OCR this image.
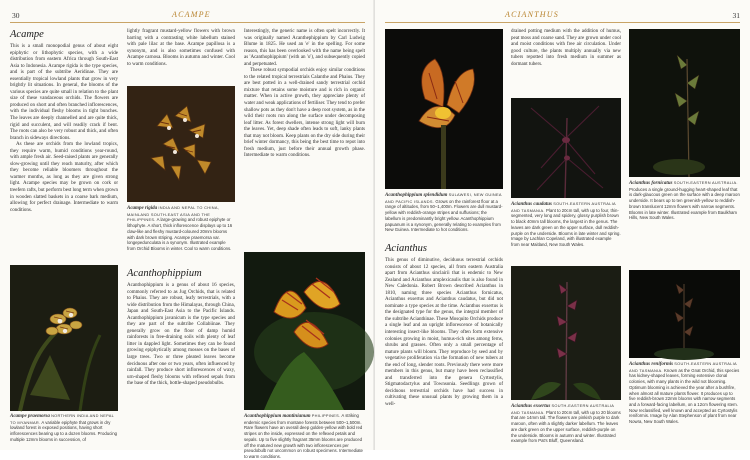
30	ACAMPE
Acampe

This is a small monopodial genus of about eight epiphytic or lithophytic species, with a wide distribution from eastern Africa through South-East Asia to Indonesia. Acampe rigida is the type species, and is part of the subtribe Aeridinae. They are essentially tropical lowland plants that grow in very brightly lit situations. In general, the blooms of the various species are quite small in relation to the plant size of these vandaceous orchids. The flowers are produced on short and often branched inflorescences, with the individual fleshy blooms in tight bunches. The leaves are deeply channelled and are quite thick, rigid and succulent, and will readily crack if bent. The roots can also be very robust and thick, and often branch in sideways directions.

As these are orchids from the lowland tropics, they require warm, humid conditions year-round, with ample fresh air. Seed-raised plants are generally slow-growing until they reach maturity, after which they become reliable bloomers throughout the warmer months, as long as they are given strong light. Acampe species may be grown on cork or treefern rafts, but perform best long term when grown in wooden slatted baskets in a coarse bark medium, allowing for perfect drainage. Intermediate to warm conditions.

Acampe praemorsa NORTHERN INDIA AND NEPAL TO MYANMAR. A variable epiphyte that grows in dry lowland forest in exposed positions, having short inflorescences bearing up to a dozen blooms. Producing multiple 12mm blooms in succession, of

lightly fragrant mustard-yellow flowers with brown barring with a contrasting white labellum stained with pale lilac at the base. Acampe papillosa is a synonym, and is also sometimes confused with Acampe carnosa. Blooms in autumn and winter. Cool to warm conditions.

Acampe rigida INDIA AND NEPAL TO CHINA, MAINLAND SOUTH-EAST ASIA AND THE PHILIPPINES. A large-growing and robust epiphyte or lithophyte. A short, thick inflorescence displays up to 16 claw-like and fleshy mustard-coloured 20mm blooms with dark brown striping. Acampe praemorsa var. longepedunculata is a synonym. Illustrated example from Orchid Blooms in winter. Cool to warm conditions.
Acanthophippium

Acanthophippium is a genus of about 16 species, commonly referred to as Jug Orchids, that is related to Phaius. They are robust, leafy terrestrials, with a wide distribution from the Himalayas, through China, Japan and South-East Asia to the Pacific Islands. Acanthophippium javanicum is the type species and they are part of the subtribe Collabiinae. They generally grow on the floor of damp humid rainforests in free-draining soils with plenty of leaf litter in dappled light. Sometimes they can be found growing epiphytically among mosses on the bases of large trees. Two or three pleated leaves become deciduous after one or two years, often influenced by rainfall. They produce short inflorescences of waxy, urn-shaped fleshy blooms with reflexed sepals from the base of the thick, bottle-shaped pseudobulbs.

Interestingly, the generic name is often spelt incorrectly. It was originally named Acanthephippium by Carl Ludwig Blume in 1825. He used an 'e' in the spelling. For some reason, this has been overlooked with the name being spelt as 'Acanthophippium' (with an 'o'), and subsequently copied and perpetuated.

These robust sympodial orchids enjoy similar conditions to the related tropical terrestrials Calanthe and Phaius. They are best potted in a well-drained sandy terrestrial orchid mixture that retains some moisture and is rich in organic matter. When in active growth, they appreciate plenty of water and weak applications of fertiliser. They tend to prefer shallow pots as they don't have a deep root system, as in the wild their roots run along the surface under decomposing leaf litter. As forest dwellers, intense strong light will burn the leaves. Yet, deep shade often leads to soft, lanky plants that may not bloom. Keep plants on the dry side during their brief winter dormancy, this being the best time to repot into fresh medium, just before their annual growth phase. Intermediate to warm conditions.

Acanthophippium mantinianum PHILIPPINES. A striking endemic species from montane forests between 500–1,500m. Rare flowers have an overall deep golden-yellow with bold red stripes on the inside, expressed on the reflexed petals and sepals. Up to five slightly fragrant 35mm blooms are produced off the matured new growth with two inflorescences per pseudobulb not uncommon on robust specimens. Intermediate to warm conditions.
31
ACIANTHUS
Acanthophippium splendidum SULAWESI, NEW GUINEA AND PACIFIC ISLANDS. Grows on the rainforest floor at a range of altitudes, from 50–1,400m. Flowers are dull mustard-yellow with reddish-orange stripes and suffusions; the labellum is predominantly bright yellow. Acanthophippium papuanum is a synonym, generally relating to examples from New Guinea. Intermediate to hot conditions.
Acianthus

This genus of diminutive, deciduous terrestrial orchids consists of about 12 species, all from eastern Australia apart from Acianthus sinclairii that is endemic to New Zealand and Acianthus amplexicaulis that is also found in New Caledonia. Robert Brown described Acianthus in 1810, naming three species Acianthus fornicatus, Acianthus exsertus and Acianthus caudatus, but did not nominate a type species at the time. Acianthus exsertus is the designated type for the genus, the integral member of the subtribe Acianthinae. These Mosquito Orchids produce a single leaf and an upright inflorescence of botanically interesting insect-like blooms. They often form extensive colonies growing in moist, humus-rich sites among ferns, shrubs and grasses. Often only a small percentage of mature plants will bloom. They reproduce by seed and by vegetative proliferation via the formation of new tubers at the end of long, slender roots. Previously there were more members in this genus, but many have been reclassified and transferred into the genera Cyrtostylis, Stigmatodactylus and Townsonia. Seedlings grown of deciduous terrestrial orchids have had success in cultivating these unusual plants by growing them in a well-

drained potting medium with the addition of humus, peat moss and coarse sand. They are grown under cool and moist conditions with free air circulation. Under good culture, the plants multiply annually via new tubers repotted into fresh medium in summer as dormant tubers.

Acianthus caudatus SOUTH-EASTERN AUSTRALIA AND TASMANIA. Plant to 20cm tall, with up to four, thin-segmented, very long and spidery, glossy purplish brown to black 40mm tall blooms, the largest in the genus. The leaves are dark green on the upper surface, dull reddish-purple on the underside. Blooms in late winter and spring. Image by Lachlan Copeland, with illustrated example from near Maitland, New South Wales.
Acianthus exsertus SOUTH-EASTERN AUSTRALIA AND TASMANIA. Plant to 20cm tall, with up to 20 blooms that are 14mm tall. The flowers are pinkish purple to dark maroon, often with a slightly darker labellum. The leaves are dark green on the upper surface, reddish-purple on the underside. Blooms in autumn and winter. Illustrated example from Pat's Bluff, Queensland.
Acianthus fornicatus SOUTH-EASTERN AUSTRALIA. Produces a single ground-hugging heart-shaped leaf that is dark-glaucous green on the surface with a deep maroon underside. It bears up to ten greenish-yellow to reddish-brown translucent 12mm flowers with narrow segments. Blooms in late winter. Illustrated example from Baulkham Hills, New South Wales.
Acianthus reniformis SOUTH-EASTERN AUSTRALIA AND TASMANIA. Known as the Gnat Orchid, this species has kidney-shaped leaves, forming extensive clonal colonies, with many plants in the wild not blooming. Optimum blooming is achieved the year after a bushfire, when almost all mature plants flower. It produces up to five reddish-brown 22mm blooms with narrow segments and a forward-facing labellum, on a 12cm flowering stem. Now reclassified, well known and accepted as Cyrtostylis reniformis. Image by Alan Stephenson of plant from near Nowra, New South Wales.
